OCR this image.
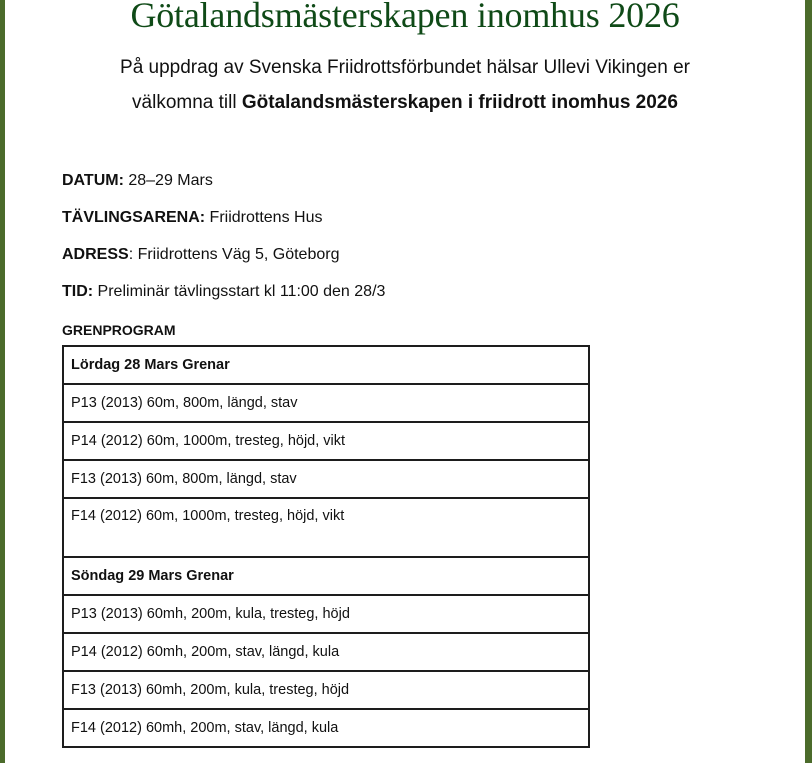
Götalandsmästerskapen inomhus 2026
På uppdrag av Svenska Friidrottsförbundet hälsar Ullevi Vikingen er
välkomna till Götalandsmästerskapen i friidrott inomhus 2026

DATUM: 28–29 Mars

TÄVLINGSARENA: Friidrottens Hus

ADRESS: Friidrottens Väg 5, Göteborg

TID: Preliminär tävlingsstart kl 11:00 den 28/3

GRENPROGRAM
Lördag 28 Mars Grenar
P13 (2013) 60m, 800m, längd, stav
P14 (2012) 60m, 1000m, tresteg, höjd, vikt
F13 (2013) 60m, 800m, längd, stav
F14 (2012) 60m, 1000m, tresteg, höjd, vikt
Söndag 29 Mars Grenar
P13 (2013) 60mh, 200m, kula, tresteg, höjd
P14 (2012) 60mh, 200m, stav, längd, kula
F13 (2013) 60mh, 200m, kula, tresteg, höjd
F14 (2012) 60mh, 200m, stav, längd, kula
